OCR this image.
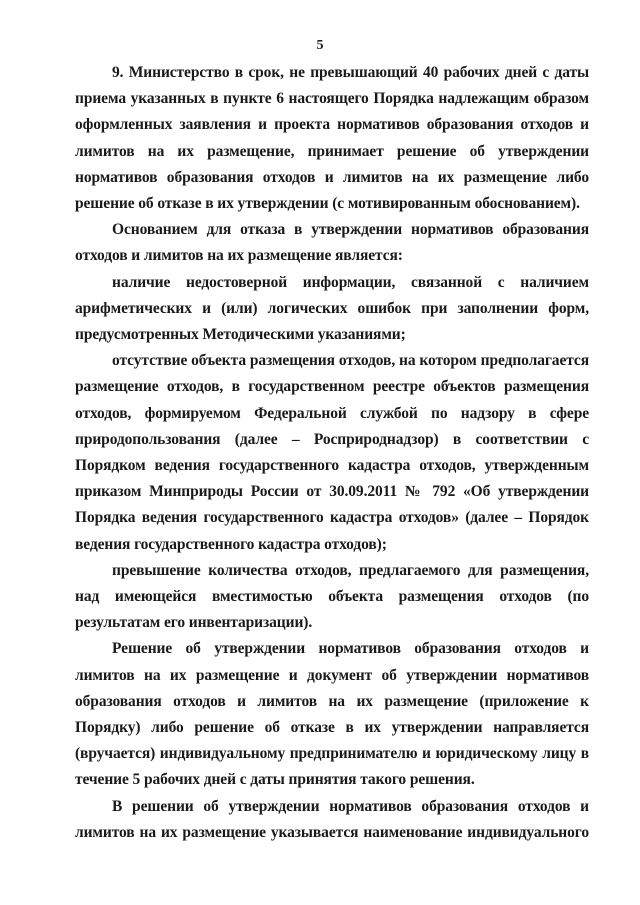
5

9. Министерство в срок, не превышающий 40 рабочих дней с даты приема указанных в пункте 6 настоящего Порядка надлежащим образом оформленных заявления и проекта нормативов образования отходов и лимитов на их размещение, принимает решение об утверждении нормативов образования отходов и лимитов на их размещение либо решение об отказе в их утверждении (с мотивированным обоснованием).

Основанием для отказа в утверждении нормативов образования отходов и лимитов на их размещение является:

наличие недостоверной информации, связанной с наличием арифметических и (или) логических ошибок при заполнении форм, предусмотренных Методическими указаниями;

отсутствие объекта размещения отходов, на котором предполагается размещение отходов, в государственном реестре объектов размещения отходов, формируемом Федеральной службой по надзору в сфере природопользования (далее – Росприроднадзор) в соответствии с Порядком ведения государственного кадастра отходов, утвержденным приказом Минприроды России от 30.09.2011 № 792 «Об утверждении Порядка ведения государственного кадастра отходов» (далее – Порядок ведения государственного кадастра отходов);

превышение количества отходов, предлагаемого для размещения, над имеющейся вместимостью объекта размещения отходов (по результатам его инвентаризации).

Решение об утверждении нормативов образования отходов и лимитов на их размещение и документ об утверждении нормативов образования отходов и лимитов на их размещение (приложение к Порядку) либо решение об отказе в их утверждении направляется (вручается) индивидуальному предпринимателю и юридическому лицу в течение 5 рабочих дней с даты принятия такого решения.

В решении об утверждении нормативов образования отходов и лимитов на их размещение указывается наименование индивидуального
